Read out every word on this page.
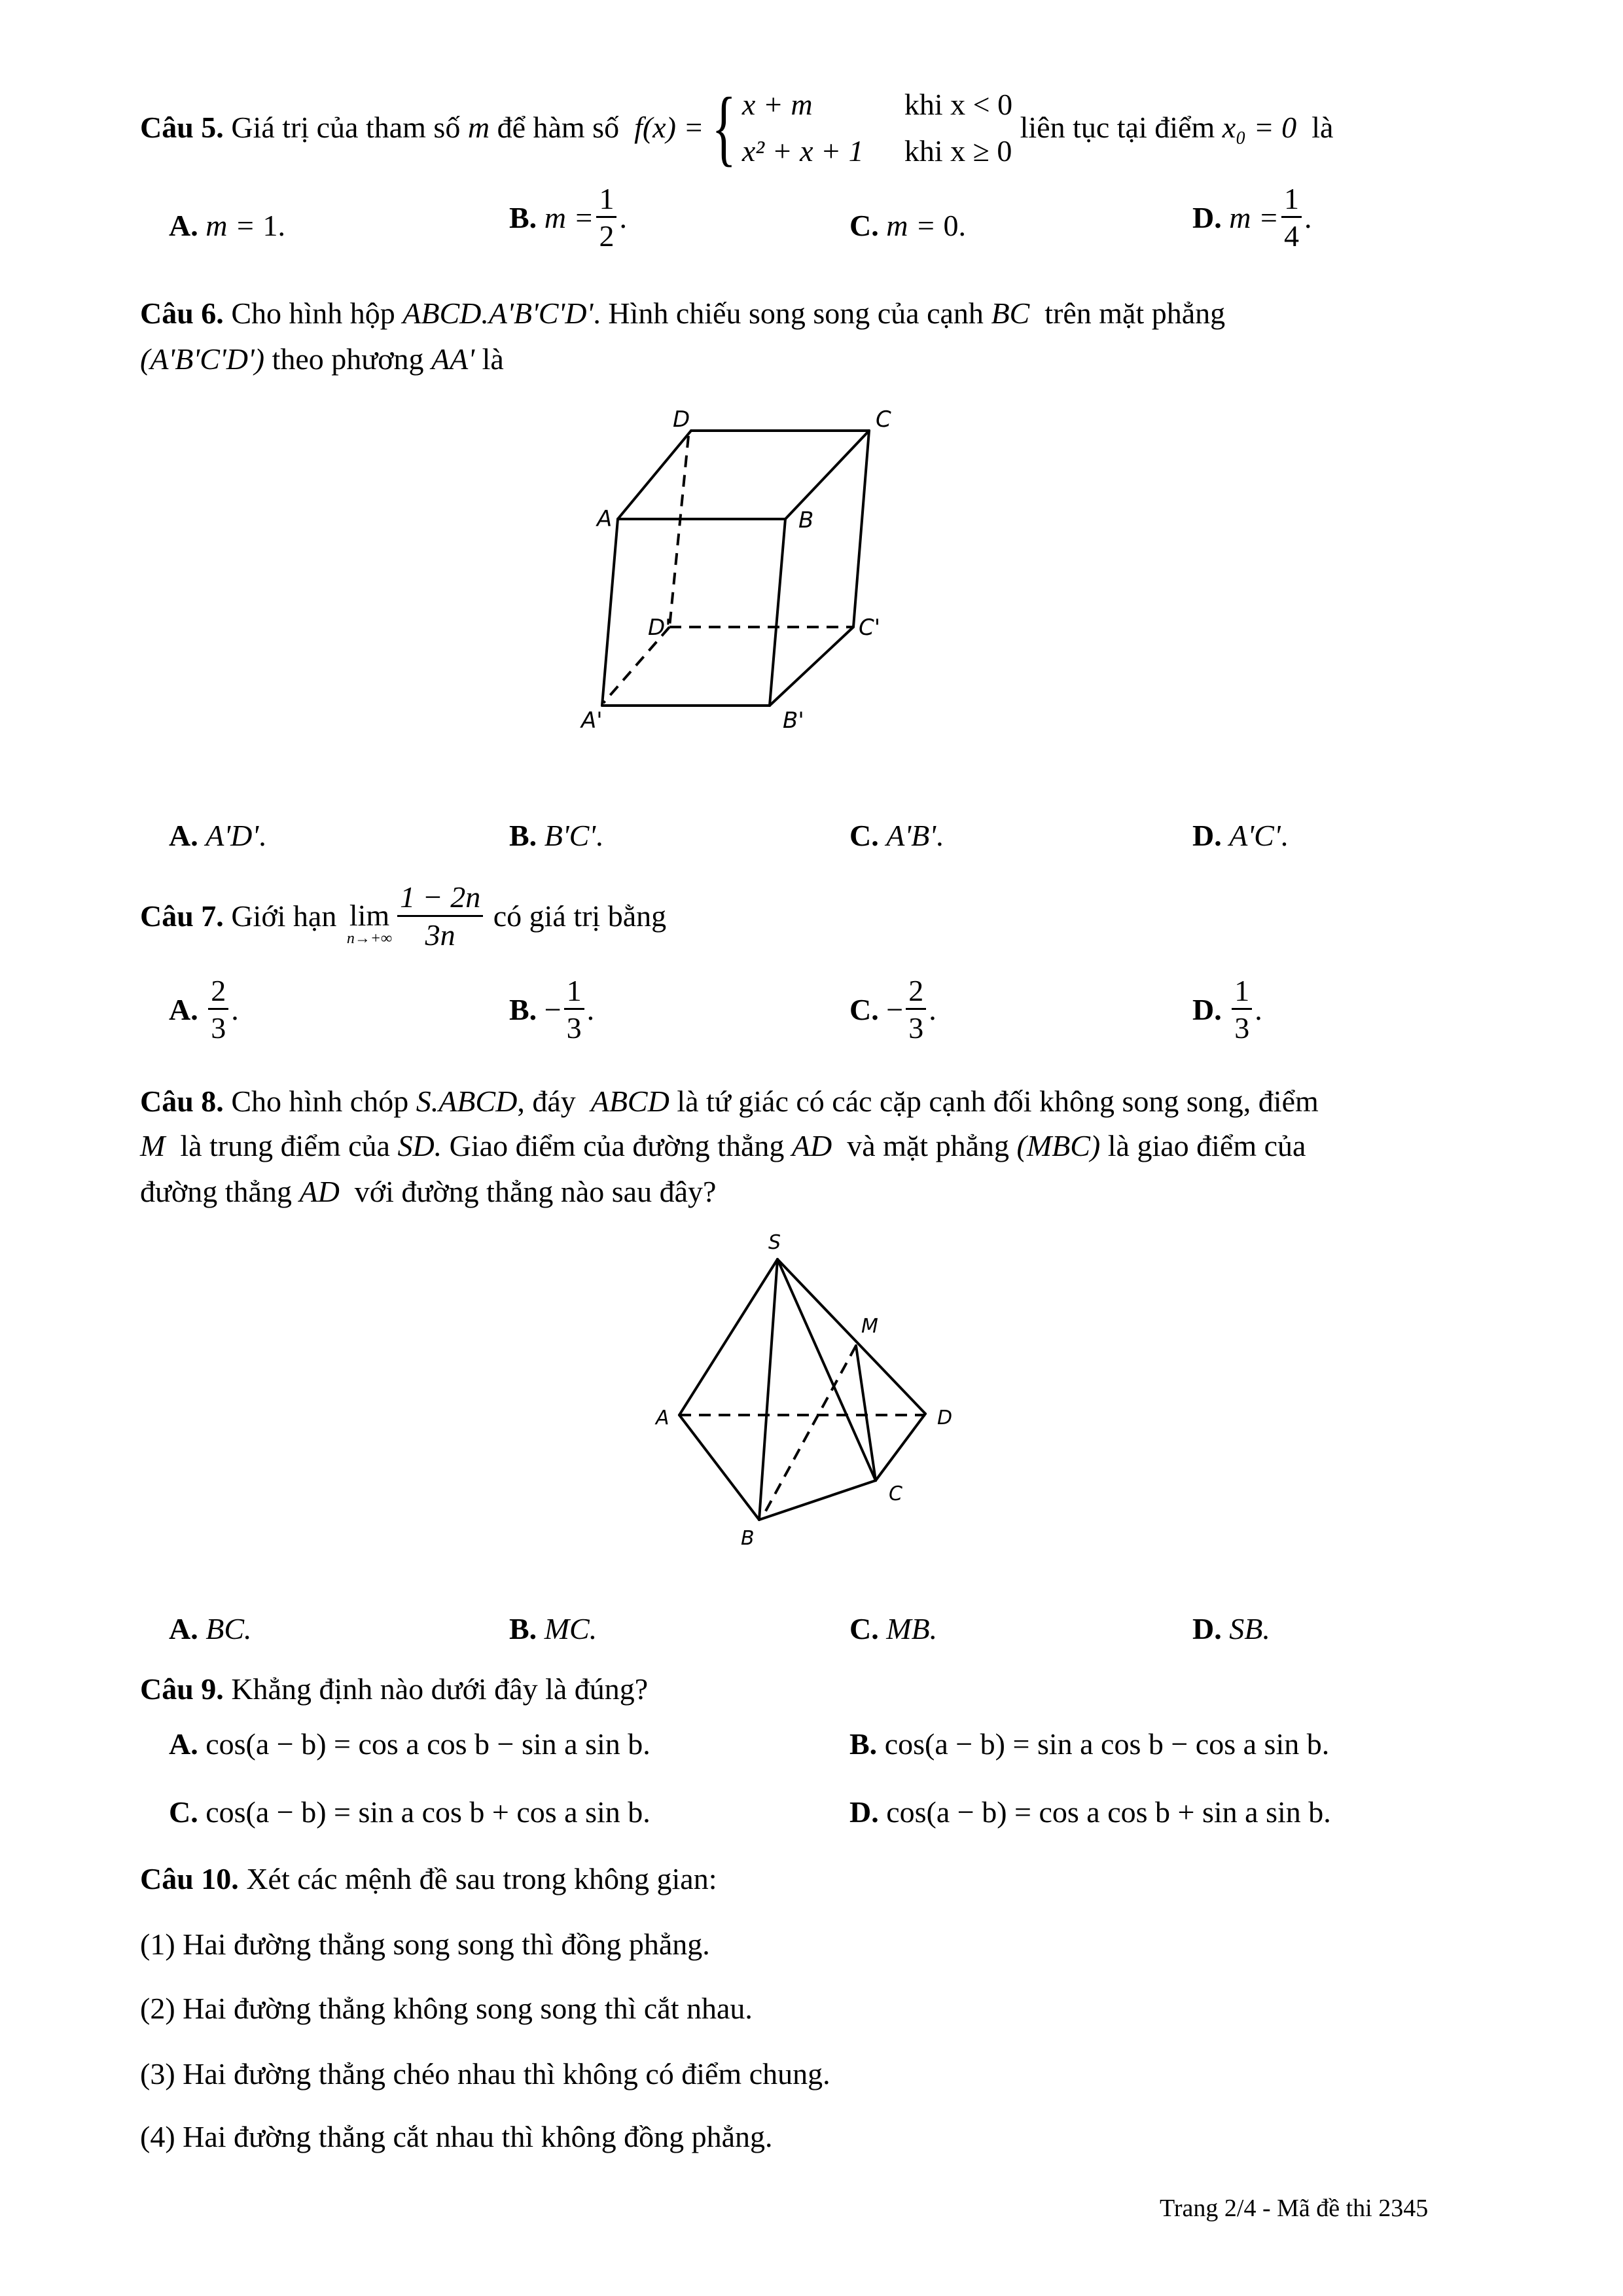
Câu 5.
Giá trị của tham số
m
để hàm số
f(x) = { x + m	khi x < 0
x² + x + 1	khi x ≥ 0

liên tục tại điểm
x₀ = 0
là
A. m = 1.	B.
$m = \frac{1}{2}$ .	C. m = 0.	D.
$m = \frac{1}{4}$ .
Câu 6. Cho hình hộp ABCD.A'B'C'D'. Hình chiếu song song của cạnh BC trên mặt phẳng
(A'B'C'D') theo phương AA' là
D	C
A	B
D'	C'
A'	B'
A. A'D'.	B. B'C'.	C. A'B'.	D. A'C'.
Câu 7.
Giới hạn
lim
$n\to+\infty \frac{1 - 2n}{3n}$
có giá trị bằng
A.
$\frac{2}{3}$ .	B.
− $\frac{1}{3}$ .	C.
− $\frac{2}{3}$ .	D.
$\frac{1}{3}$ .
Câu 8. Cho hình chóp S.ABCD, đáy ABCD là tứ giác có các cặp cạnh đối không song song, điểm
M là trung điểm của SD. Giao điểm của đường thẳng AD và mặt phẳng (MBC) là giao điểm của
đường thẳng AD với đường thẳng nào sau đây?
S
M
A	D
C
B
A. BC.	B. MC.	C. MB.	D. SB.
Câu 9. Khẳng định nào dưới đây là đúng?
A. cos(a − b) = cos a cos b − sin a sin b.	B. cos(a − b) = sin a cos b − cos a sin b.
C. cos(a − b) = sin a cos b + cos a sin b.	D. cos(a − b) = cos a cos b + sin a sin b.
Câu 10. Xét các mệnh đề sau trong không gian:
(1) Hai đường thẳng song song thì đồng phẳng.
(2) Hai đường thẳng không song song thì cắt nhau.
(3) Hai đường thẳng chéo nhau thì không có điểm chung.
(4) Hai đường thẳng cắt nhau thì không đồng phẳng.
Trang 2/4 - Mã đề thi 2345
